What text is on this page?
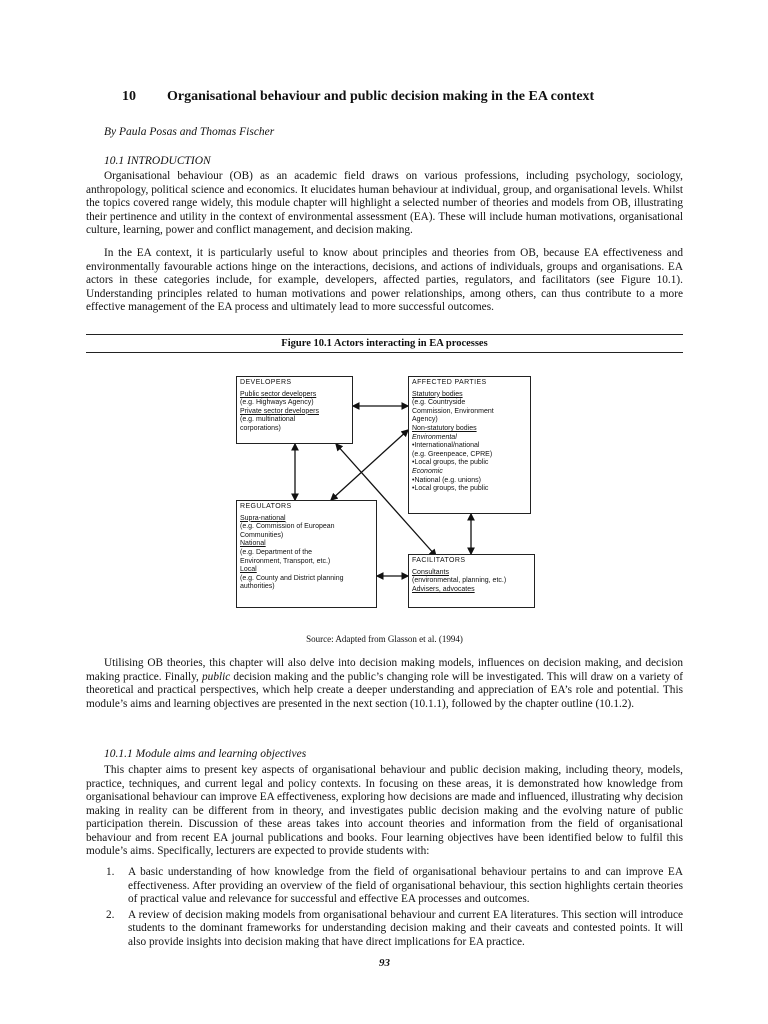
10 Organisational behaviour and public decision making in the EA context
By Paula Posas and Thomas Fischer
10.1 INTRODUCTION

Organisational behaviour (OB) as an academic field draws on various professions, including psychology, sociology, anthropology, political science and economics. It elucidates human behaviour at individual, group, and organisational levels. Whilst the topics covered range widely, this module chapter will highlight a selected number of theories and models from OB, illustrating their pertinence and utility in the context of environmental assessment (EA). These will include human motivations, organisational culture, learning, power and conflict management, and decision making.

In the EA context, it is particularly useful to know about principles and theories from OB, because EA effectiveness and environmentally favourable actions hinge on the interactions, decisions, and actions of individuals, groups and organisations. EA actors in these categories include, for example, developers, affected parties, regulators, and facilitators (see Figure 10.1). Understanding principles related to human motivations and power relationships, among others, can thus contribute to a more effective management of the EA process and ultimately lead to more successful outcomes.

Figure 10.1 Actors interacting in EA processes
DEVELOPERS
Public sector developers
(e.g. Highways Agency)
Private sector developers
(e.g. multinational
corporations)
AFFECTED PARTIES
Statutory bodies
(e.g. Countryside
Commission, Environment
Agency)
Non-statutory bodies
Environmental
•International/national
(e.g. Greenpeace, CPRE)
•Local groups, the public
Economic
•National (e.g. unions)
•Local groups, the public
REGULATORS
Supra-national
(e.g. Commission of European
Communities)
National
(e.g. Department of the
Environment, Transport, etc.)
Local
(e.g. County and District planning
authorities)
FACILITATORS
Consultants
(environmental, planning, etc.)
Advisers, advocates
Source: Adapted from Glasson et al. (1994)

Utilising OB theories, this chapter will also delve into decision making models, influences on decision making, and decision making practice. Finally, public decision making and the public’s changing role will be investigated. This will draw on a variety of theoretical and practical perspectives, which help create a deeper understanding and appreciation of EA’s role and potential. This module’s aims and learning objectives are presented in the next section (10.1.1), followed by the chapter outline (10.1.2).

10.1.1 Module aims and learning objectives

This chapter aims to present key aspects of organisational behaviour and public decision making, including theory, models, practice, techniques, and current legal and policy contexts. In focusing on these areas, it is demonstrated how knowledge from organisational behaviour can improve EA effectiveness, exploring how decisions are made and influenced, illustrating why decision making in reality can be different from in theory, and investigates public decision making and the evolving nature of public participation therein. Discussion of these areas takes into account theories and information from the field of organisational behaviour and from recent EA journal publications and books. Four learning objectives have been identified below to fulfil this module’s aims. Specifically, lecturers are expected to provide students with:

1. A basic understanding of how knowledge from the field of organisational behaviour pertains to and can improve EA effectiveness. After providing an overview of the field of organisational behaviour, this section highlights certain theories of practical value and relevance for successful and effective EA processes and outcomes.
2. A review of decision making models from organisational behaviour and current EA literatures. This section will introduce students to the dominant frameworks for understanding decision making and their caveats and contested points. It will also provide insights into decision making that have direct implications for EA practice.
93
